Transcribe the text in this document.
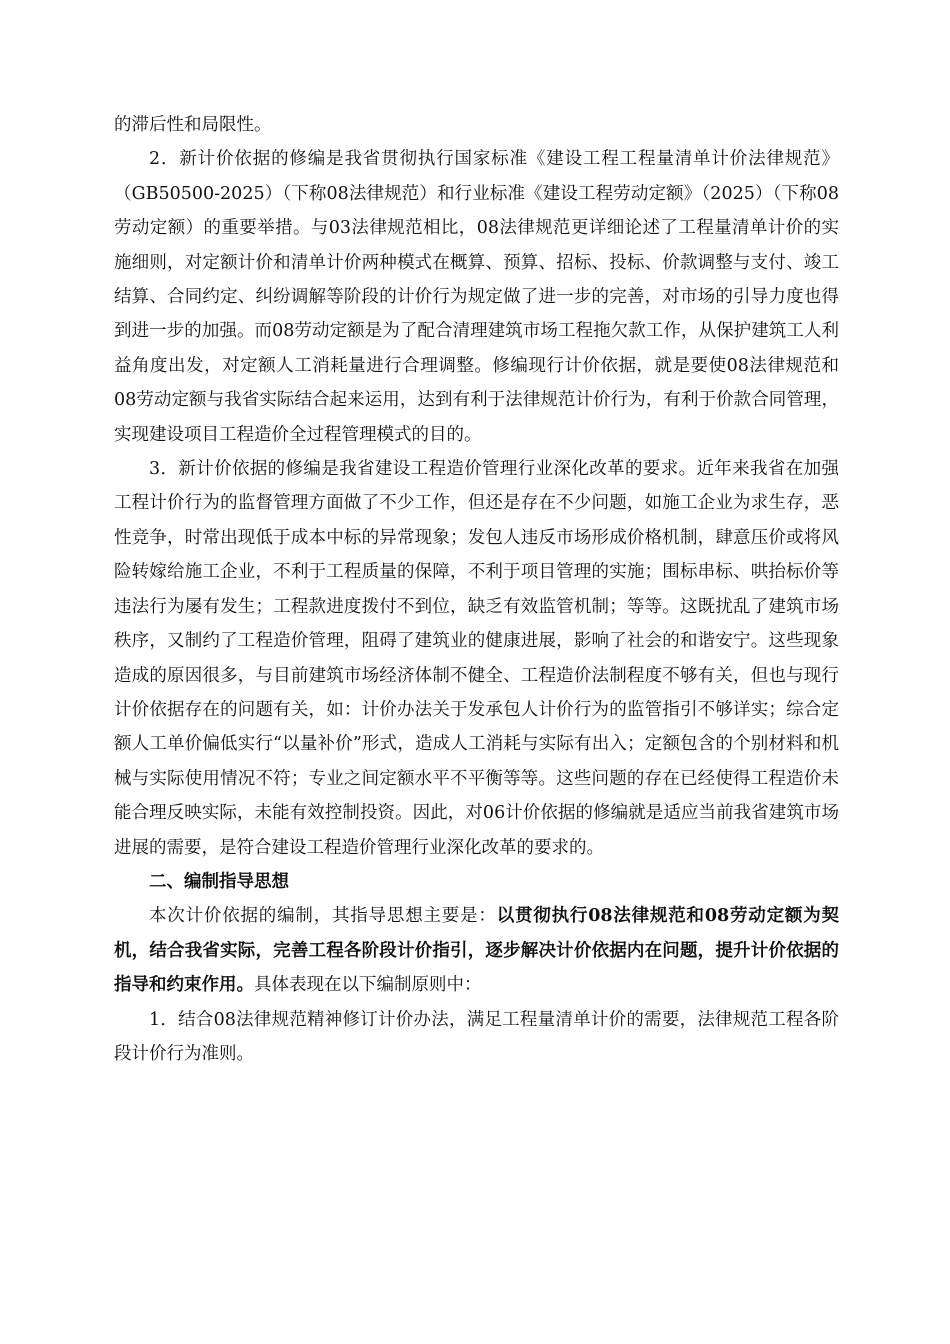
的滞后性和局限性。

2．新计价依据的修编是我省贯彻执行国家标准《建设工程工程量清单计价法律规范》（GB50500-2025）（下称08法律规范）和行业标准《建设工程劳动定额》（2025）（下称08劳动定额）的重要举措。与03法律规范相比，08法律规范更详细论述了工程量清单计价的实施细则，对定额计价和清单计价两种模式在概算、预算、招标、投标、价款调整与支付、竣工结算、合同约定、纠纷调解等阶段的计价行为规定做了进一步的完善，对市场的引导力度也得到进一步的加强。而08劳动定额是为了配合清理建筑市场工程拖欠款工作，从保护建筑工人利益角度出发，对定额人工消耗量进行合理调整。修编现行计价依据，就是要使08法律规范和08劳动定额与我省实际结合起来运用，达到有利于法律规范计价行为，有利于价款合同管理，实现建设项目工程造价全过程管理模式的目的。

3．新计价依据的修编是我省建设工程造价管理行业深化改革的要求。近年来我省在加强工程计价行为的监督管理方面做了不少工作，但还是存在不少问题，如施工企业为求生存，恶性竞争，时常出现低于成本中标的异常现象；发包人违反市场形成价格机制，肆意压价或将风险转嫁给施工企业，不利于工程质量的保障，不利于项目管理的实施；围标串标、哄抬标价等违法行为屡有发生；工程款进度拨付不到位，缺乏有效监管机制；等等。这既扰乱了建筑市场秩序，又制约了工程造价管理，阻碍了建筑业的健康进展，影响了社会的和谐安宁。这些现象造成的原因很多，与目前建筑市场经济体制不健全、工程造价法制程度不够有关，但也与现行计价依据存在的问题有关，如：计价办法关于发承包人计价行为的监管指引不够详实；综合定额人工单价偏低实行“以量补价”形式，造成人工消耗与实际有出入；定额包含的个别材料和机械与实际使用情况不符；专业之间定额水平不平衡等等。这些问题的存在已经使得工程造价未能合理反映实际，未能有效控制投资。因此，对06计价依据的修编就是适应当前我省建筑市场进展的需要，是符合建设工程造价管理行业深化改革的要求的。

二、编制指导思想

本次计价依据的编制，其指导思想主要是：以贯彻执行08法律规范和08劳动定额为契机，结合我省实际，完善工程各阶段计价指引，逐步解决计价依据内在问题，提升计价依据的指导和约束作用。具体表现在以下编制原则中：

1．结合08法律规范精神修订计价办法，满足工程量清单计价的需要，法律规范工程各阶段计价行为准则。
